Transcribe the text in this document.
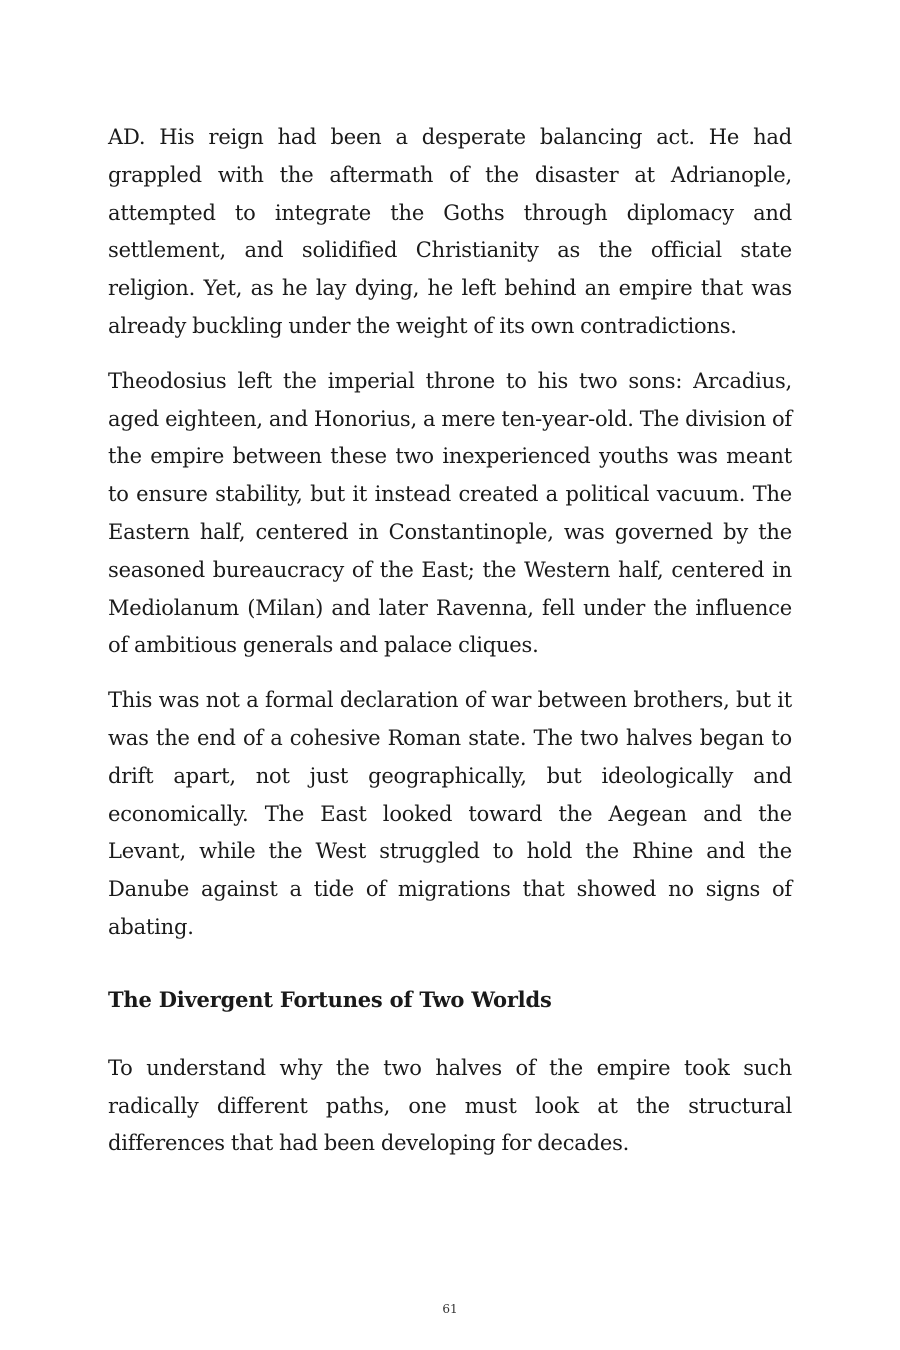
AD. His reign had been a desperate balancing act. He had grappled with the aftermath of the disaster at Adrianople, attempted to integrate the Goths through diplomacy and settlement, and solidified Christianity as the official state religion. Yet, as he lay dying, he left behind an empire that was already buckling under the weight of its own contradictions.

Theodosius left the imperial throne to his two sons: Arcadius, aged eighteen, and Honorius, a mere ten-year-old. The division of the empire between these two inexperienced youths was meant to ensure stability, but it instead created a political vacuum. The Eastern half, centered in Constantinople, was governed by the seasoned bureaucracy of the East; the Western half, centered in Mediolanum (Milan) and later Ravenna, fell under the influence of ambitious generals and palace cliques.

This was not a formal declaration of war between brothers, but it was the end of a cohesive Roman state. The two halves began to drift apart, not just geographically, but ideologically and economically. The East looked toward the Aegean and the Levant, while the West struggled to hold the Rhine and the Danube against a tide of migrations that showed no signs of abating.

The Divergent Fortunes of Two Worlds

To understand why the two halves of the empire took such radically different paths, one must look at the structural differences that had been developing for decades.

61
